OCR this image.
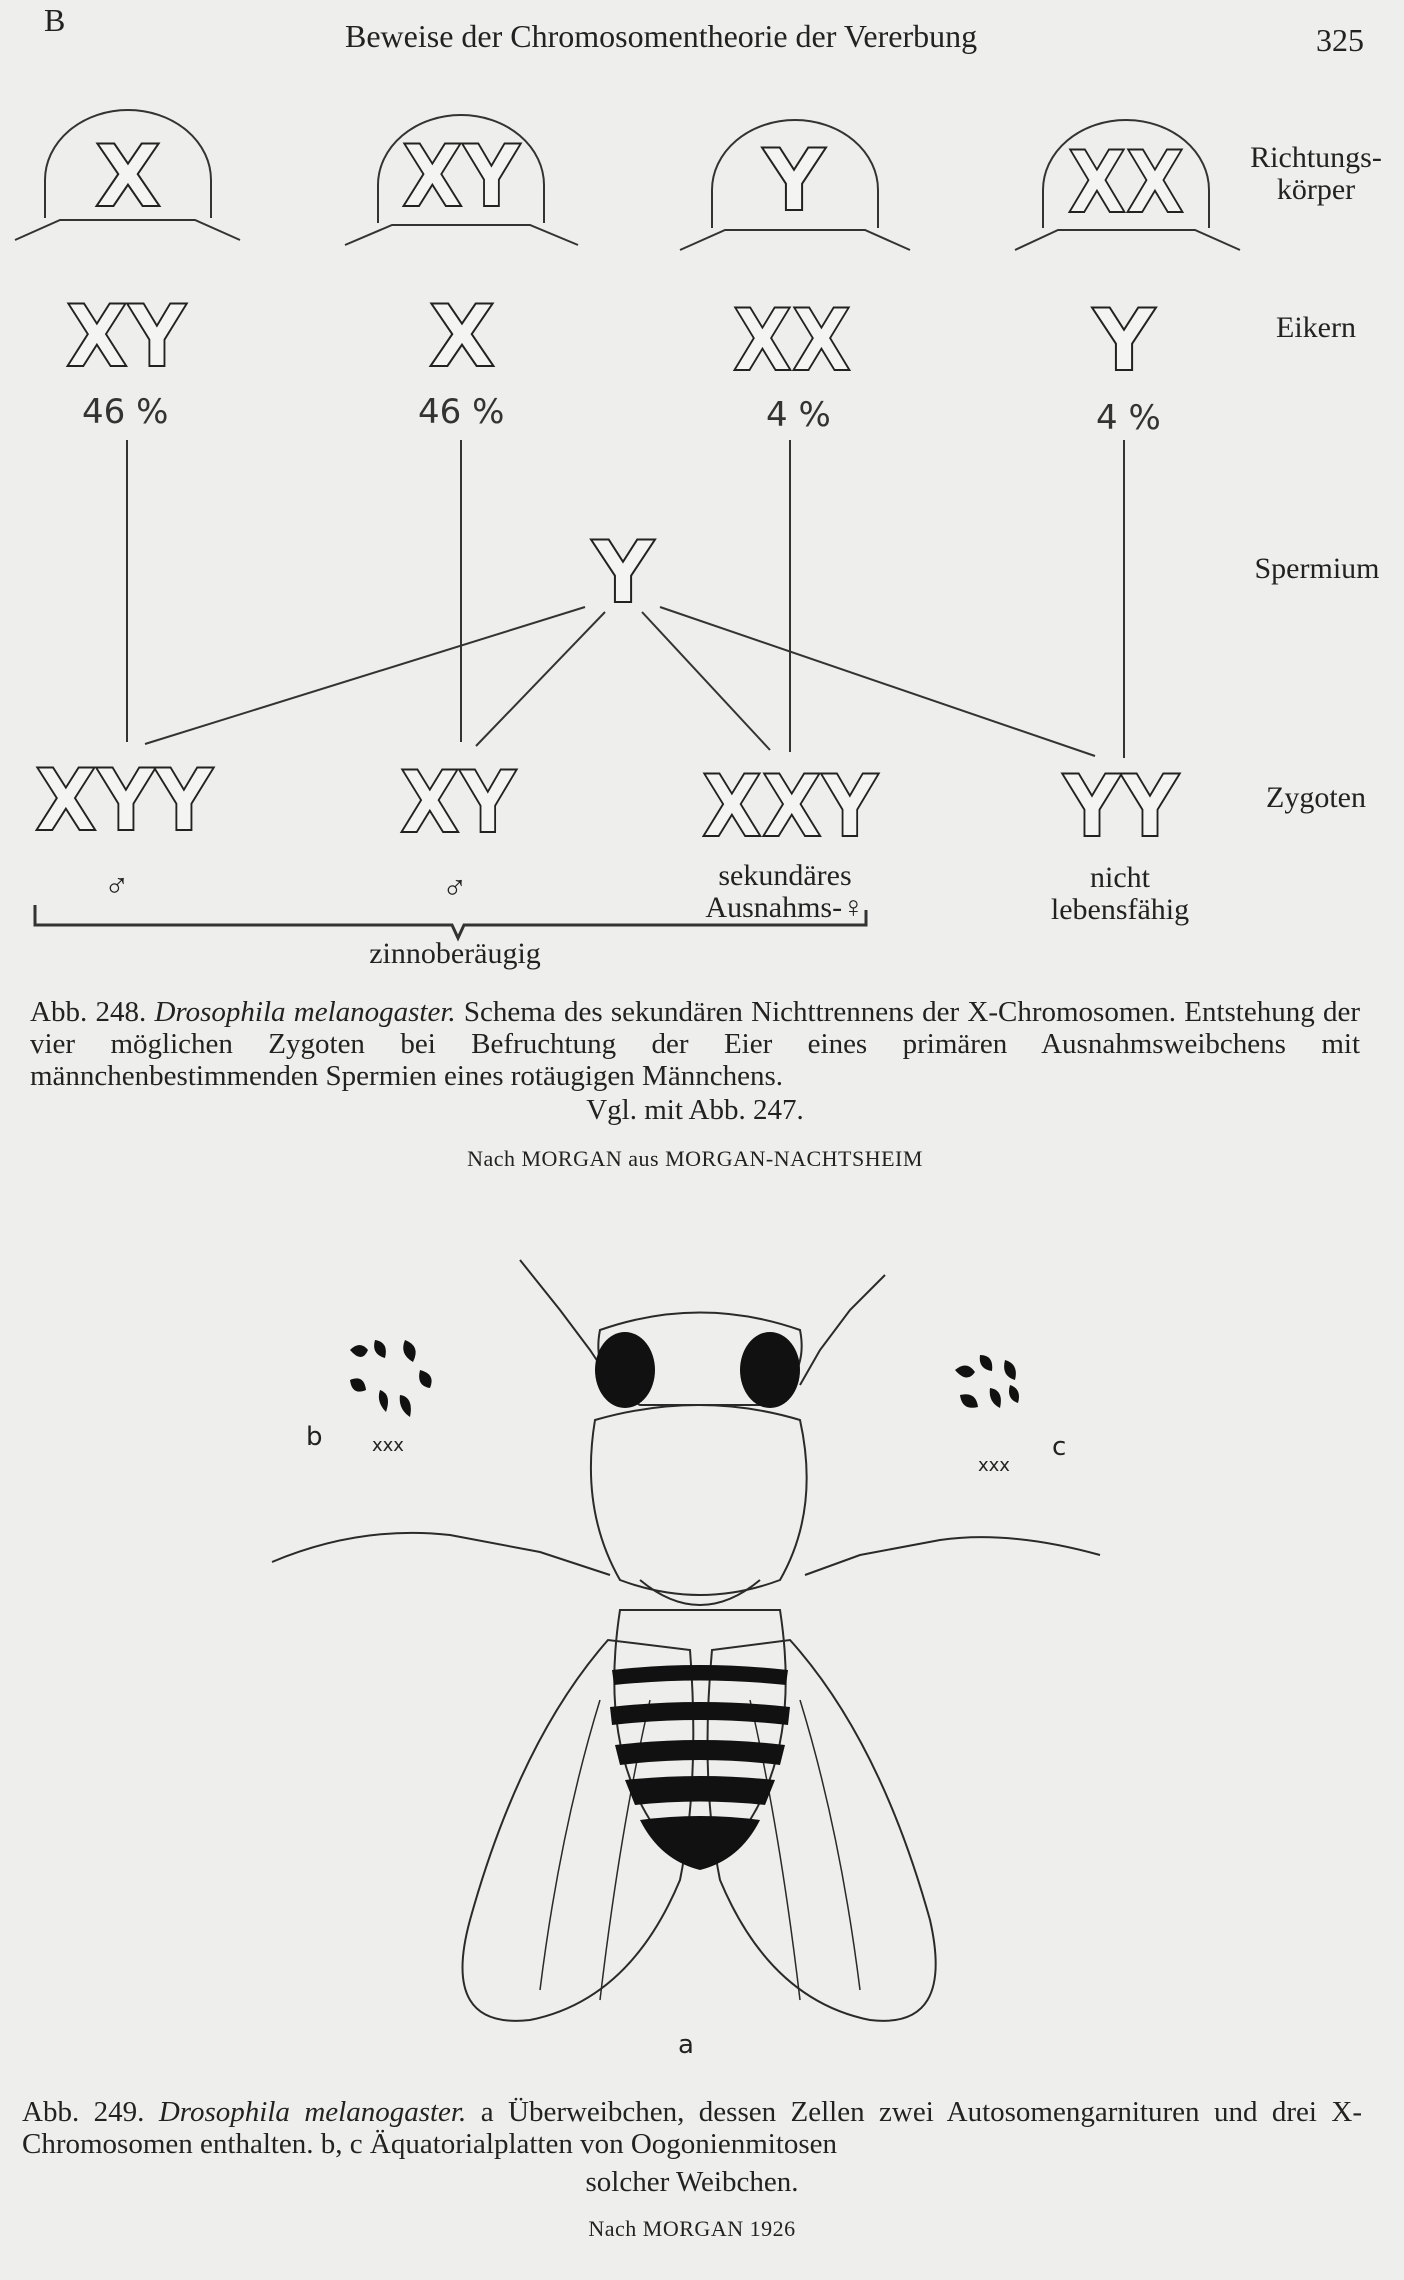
B	Beweise der Chromosomentheorie der Vererbung	325
X	XY	Y	XX
XY	X	XX	Y
Y
XYY XY XXY YY
46 %	46 %	4 %	4 %
Richtungs-
körper
Eikern
Spermium
Zygoten
♂	♂	sekundäres
Ausnahms-♀
nicht
lebensfähig
zinnoberäugig
Abb. 248. Drosophila melanogaster. Schema des sekundären Nichttrennens der X-Chromosomen. Entstehung der vier möglichen Zygoten bei Befruchtung der Eier eines primären Ausnahmsweibchens mit männchenbestimmenden Spermien eines rotäugigen Männchens.
Vgl. mit Abb. 247.
Nach MORGAN aus MORGAN-NACHTSHEIM
b	xxx	c
xxx
a
Abb. 249. Drosophila melanogaster. a Überweibchen, dessen Zellen zwei Autosomengarnituren und drei X-Chromosomen enthalten. b, c Äquatorialplatten von Oogonienmitosen
solcher Weibchen.
Nach MORGAN 1926
